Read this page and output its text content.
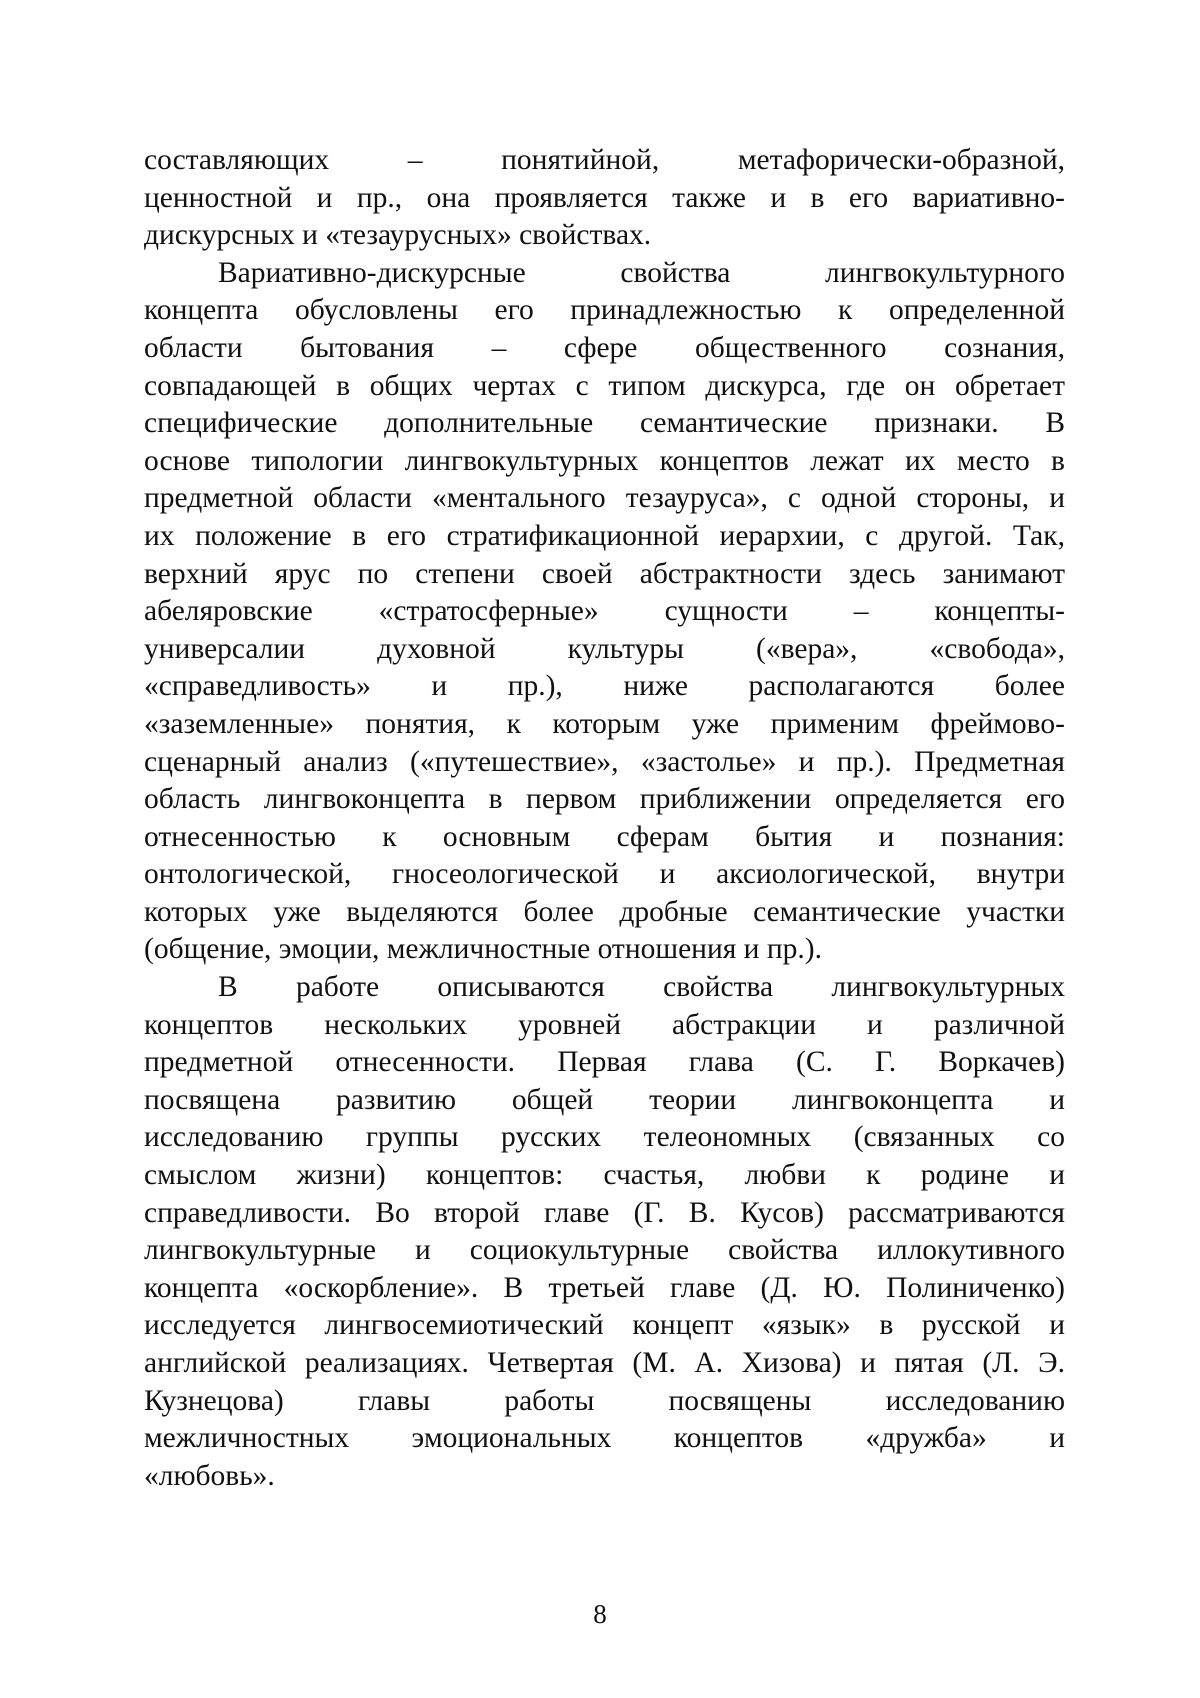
составляющих – понятийной, метафорически-образной,
ценностной и пр., она проявляется также и в его вариативно-
дискурсных и «тезаурусных» свойствах.
Вариативно-дискурсные свойства лингвокультурного
концепта обусловлены его принадлежностью к определенной
области бытования – сфере общественного сознания,
совпадающей в общих чертах с типом дискурса, где он обретает
специфические дополнительные семантические признаки. В
основе типологии лингвокультурных концептов лежат их место в
предметной области «ментального тезауруса», с одной стороны, и
их положение в его стратификационной иерархии, с другой. Так,
верхний ярус по степени своей абстрактности здесь занимают
абеляровские «стратосферные» сущности – концепты-
универсалии духовной культуры («вера», «свобода»,
«справедливость» и пр.), ниже располагаются более
«заземленные» понятия, к которым уже применим фреймово-
сценарный анализ («путешествие», «застолье» и пр.). Предметная
область лингвоконцепта в первом приближении определяется его
отнесенностью к основным сферам бытия и познания:
онтологической, гносеологической и аксиологической, внутри
которых уже выделяются более дробные семантические участки
(общение, эмоции, межличностные отношения и пр.).
В работе описываются свойства лингвокультурных
концептов нескольких уровней абстракции и различной
предметной отнесенности. Первая глава (С. Г. Воркачев)
посвящена развитию общей теории лингвоконцепта и
исследованию группы русских телеономных (связанных со
смыслом жизни) концептов: счастья, любви к родине и
справедливости. Во второй главе (Г. В. Кусов) рассматриваются
лингвокультурные и социокультурные свойства иллокутивного
концепта «оскорбление». В третьей главе (Д. Ю. Полиниченко)
исследуется лингвосемиотический концепт «язык» в русской и
английской реализациях. Четвертая (М. А. Хизова) и пятая (Л. Э.
Кузнецова) главы работы посвящены исследованию
межличностных эмоциональных концептов «дружба» и
«любовь».
8
